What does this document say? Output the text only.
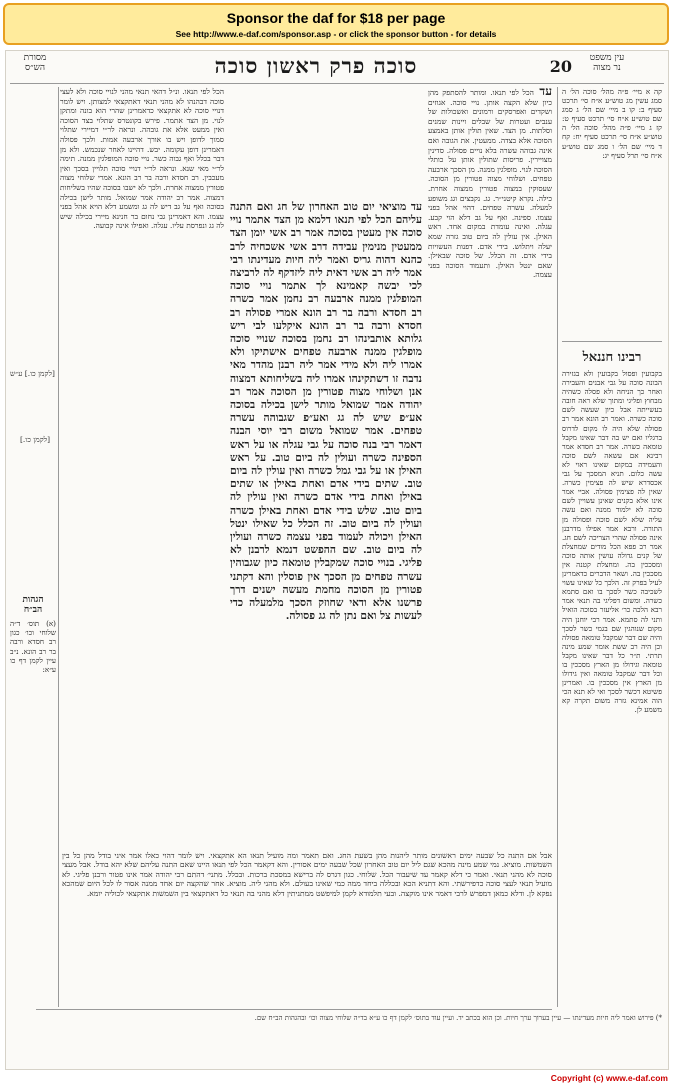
Sponsor the daf for $18 per page
See http://www.e-daf.com/sponsor.asp - or click the sponsor button - for details
עין משפט
נר מצוה
20
סוכה פרק ראשון סוכה
מסורת
הש״ס
קה א מיי׳ פ״ה מהל׳ סוכה הל׳ ה סמג עשין מג טוש״ע א״ח סי׳ תרכט סעיף ב: קו ב מיי׳ שם הל׳ ג סמג שם טוש״ע א״ח סי׳ תרכט סעיף ט: קז ג מיי׳ פ״ה מהל׳ סוכה הל׳ ה טוש״ע א״ח סי׳ תרכט סעיף יח: קח ד מיי׳ שם הל׳ ו סמג שם טוש״ע א״ח סי׳ תרל סעיף יג:
רבינו חננאל
בקבועין ופסול בקבועין ולא בגזירה הבונה סוכה על גבי אבנים והעבירה ואחר כך הניחה ולא פסלה כשהיה מבחוץ ופליגי ומתוך שלא ראה חובה בעשייתה אבל כיון שעשה לשם סוכה כשרה. ואמר רב הונא אמר רב פסולה שלא היה לו מקום לדרוס ברגליו ואם יש בה דבר שאינו מקבל טומאה כשרה. אמר רב חסדא אמר רבינא אם עשאה לשם סוכה והעמידה במקום שאינו ראוי לא עשה כלום. תניא המסכך על גבי אכסדרא שיש לה פצימין כשרה. שאין לה פצימין פסולה. אביי אמר אינו אלא בקנים שאינן עשויין לשם סוכה לא ילמוד ממנה ואם עשה עליה שלא לשם סוכה ופסולה מן התורה. ורבא אמר אפילו מדרבנן אינה פסולה שהרי הצריכה לשם חג. אמר רב פפא הכל מודים שמחצלת של קנים גדולה עושין אותה סוכה ומסככין בה. ומחצלת קטנה אין מסככין בה. ושאר הדברים כדאמרינן לעיל בפרק זה. הלכך כל שאינו עשוי לשכיבה כשר לסכך בו ואם סתמא כשרה. ומשום דפליגי בה תנאי אמר רבא הלכה כר׳ אליעזר בסוכה הואיל ותני לה סתמא. אמר רבי יוחנן היה מקום שנוהגין שם בגמי כשר לסכך והיה שם דבר שמקבל טומאה פסולה וכן היה רב ששת אומר שמע מינה תרתי. ת״ר כל דבר שאינו מקבל טומאה וגידולו מן הארץ מסככין בו וכל דבר שמקבל טומאה ואין גידולו מן הארץ אין מסככין בו. ואמרינן פשיטא דכשר לסכך ואי לא תנא הכי הוה אמינא גזרה משום תקרה קא משמע לן.
עד הכל לפי תנאו. ומותר להסתפק מהן כיון שלא הקצה אותן. נויי סוכה. אגוזים ושקדים ואפרסקים ורמונים ואשכולות של ענבים ועטרות של שבלים ויינות שמנים וסלתות. מן הצד. שאין תולין אותן באמצע הסוכה אלא בצדה. ממעטין. את הגובה ואם אינה גבוהה עשרה בלא נויים פסולה. סדינין מצויירין. פריסות שתולין אותן על כותלי הסוכה לנוי. מופלגין ממנה. מן הסכך ארבעה טפחים. ושלוחי מצוה פטורין מן הסוכה. שעסוקין במצוה פטורין ממצוה אחרת. כילה. נקרא קיטני״ר. גג. נקבצים וגג משופע למעלה. עשרה טפחים. דהוי אהל בפני עצמו. ספינה. ואף על גב דלא הוי קבע. עגלה. ואינה עומדת במקום אחד. ראש האילן. אין עולין לה ביום טוב גזרה שמא יעלה ויתלוש. בידי אדם. דפנות העשויות בידי אדם. זה הכלל. של סוכה שבאילן. שאם ינטל האילן. ותעמוד הסוכה בפני עצמה.
עד מוציאי יום טוב האחרון של חג ואם התנה עליהם הכל לפי תנאו דלמא מן הצד אתמר נויי סוכה אין מעטין בסוכה אמר רב אשי יומן הצד ממעטין מנימין עבידה דרב אשי אשכחיה לרב כהנא דהוה גריס ואמר ליה חיות מעדינתו רבי אמר ליה רב אשי דאית ליה ליזדקף לה לרביצה לכי יבשה קאמינא לך אתמר נויי סוכה המופלגין ממנה ארבעה רב נחמן אמר כשרה רב חסדא ורבה בר רב הונא אמרי פסולה רב חסדא ורבה בר רב הונא איקלעו לבי ריש גלותא אותבינהו רב נחמן בסוכה שנויי סוכה מופלגין ממנה ארבעה טפחים אישתיקו ולא אמרו ליה ולא מידי אמר ליה רבנן מהדר מאי נדבה זו דשתקינהו אמרו ליה בשליחותא דמצוה אנן ושלוחי מצוה פטורין מן הסוכה אמר רב יהודה אמר שמואל מותר לישן בכילה בסוכה אע״פ שיש לה גג ואע״פ שגבוהה עשרה טפחים. אמר שמואל משום רבי יוסי הבנה דאמר רבי בנה סוכה על גבי עגלה או על ראש הספינה כשרה ועולין לה ביום טוב. על ראש האילן או על גבי גמל כשרה ואין עולין לה ביום טוב. שתים בידי אדם ואחת באילן או שתים באילן ואחת בידי אדם כשרה ואין עולין לה ביום טוב. שלש בידי אדם ואחת באילן כשרה ועולין לה ביום טוב. זה הכלל כל שאילו ינטל האילן ויכולה לעמוד בפני עצמה כשרה ועולין לה ביום טוב. שם ההפשט דנמא לרבנן לא פליגי. בנויי סוכה שמקבלין טומאה כיון שגבוהין עשרה טפחים מן הסכך אין פוסלין והא דקתני פטורין מן הסוכה מחמת מעשה ישנים דרך פרשנו אלא ודאי שחוזק הסכך מלמעלה כדי לעשות צל ואם נתן לה גג פסולה.
הכל לפי תנאו. ונ״ל דהאי תנאי מהני לנויי סוכה ולא לעצי סוכה דבהנהו לא מהני תנאי דאתקצאי למצותן. ויש לומר דנויי סוכה לא אתקצאי כדאמרינן שהרי הוא בונה ומתקן לנוי. מן הצד אתמר. פירש בקונטרס שתלוי בצד הסוכה ואין ממעט אלא את גובהה. ונראה לר״י דמיירי שתלוי סמוך לדופן ויש בו אורך ארבעה אמות. ולכך פסולה דאמרינן דופן עקומה. יבש. דהיינו לאחר שנכמש. ולא מן דבר בכלל ואף גבוה כשר. נויי סוכה המופלגין ממנה. תימה לר״י מאי שנא. ונראה לר״י דנויי סוכה תלויין בסכך ואין מעכבין. רב חסדא ורבה בר רב הונא. אמרי שלוחי מצוה פטורין ממצוה אחרת. ולכך לא ישבו בסוכה שהיו בשליחות דמצוה. אמר רב יהודה אמר שמואל. מותר לישן בכילה בסוכה ואף על גב דיש לה גג ומשמע דלא הויא אהל בפני עצמו. והא דאמרינן גבי נחום בר חנינא מיירי בכילה שיש לה גג ונפרסת עליו. עגלה. ואפילו אינה קבועה.
[לקמן כו.] ע״ש
[לקמן כו.]
הגהות
הב״ח
(א) תוס׳ ד״ה שלוחי וכו׳ כגון רב חסדא ורבה בר רב הונא. נ״ב עיין לקמן דף כו ע״א:
אבל אם התנה כל שבעה ימים ראשונים מותר ליהנות מהן בשעת החג. ואם תאמר ומה מועיל תנאו הא אתקצאי. ויש לומר דהוי כאלו אמר איני בודל מהן כל בין השמשות. מוציא. נמי שמע מינה מהכא שגם ליל יום טוב האחרון שכל שבעה ימים אסורין. והא דקאמר הכל לפי תנאו היינו שאם התנה עליהם שלא יהא בודל. אבל מעצי סוכה לא מהני תנאי. ואמר כי דלא קאמר עד שיעבור הכל. שלוחי. כגון דגרס לה ברישא במסכת ברכות. ובכלל. מתני׳ דהתם רבי יהודה אמר אינו פטור ורבנן פליגי. לא מועיל תנאי לעצי סוכה כדפירשתי. והא דתניא הכא ובכללה ביחד ממה כמי שאינו בעולם. ולא מהני ליה. מוציא. אחר שהקצה יום אחד ממנה אסור לו לכל היום שמהכא נפקא לן. ודלא כמאן דמפרש לרבי דאמר אינו מוקצה. ובעי תלמודא לקמן למיפשט ממתניתין דלא מהני בה תנאי כל דאתקצאי בין השמשות אתקצאי לכוליה יומא.
*) פירוש ואמר ליה חיות מעדינתו — עיין בערוך ערך חיות. וכן הוא בכתב יד. ועיין עוד בתוס׳ לקמן דף כו ע״א בד״ה שלוחי מצוה וכו׳ ובהגהות הב״ח שם.
Copyright (c) www.e-daf.com
